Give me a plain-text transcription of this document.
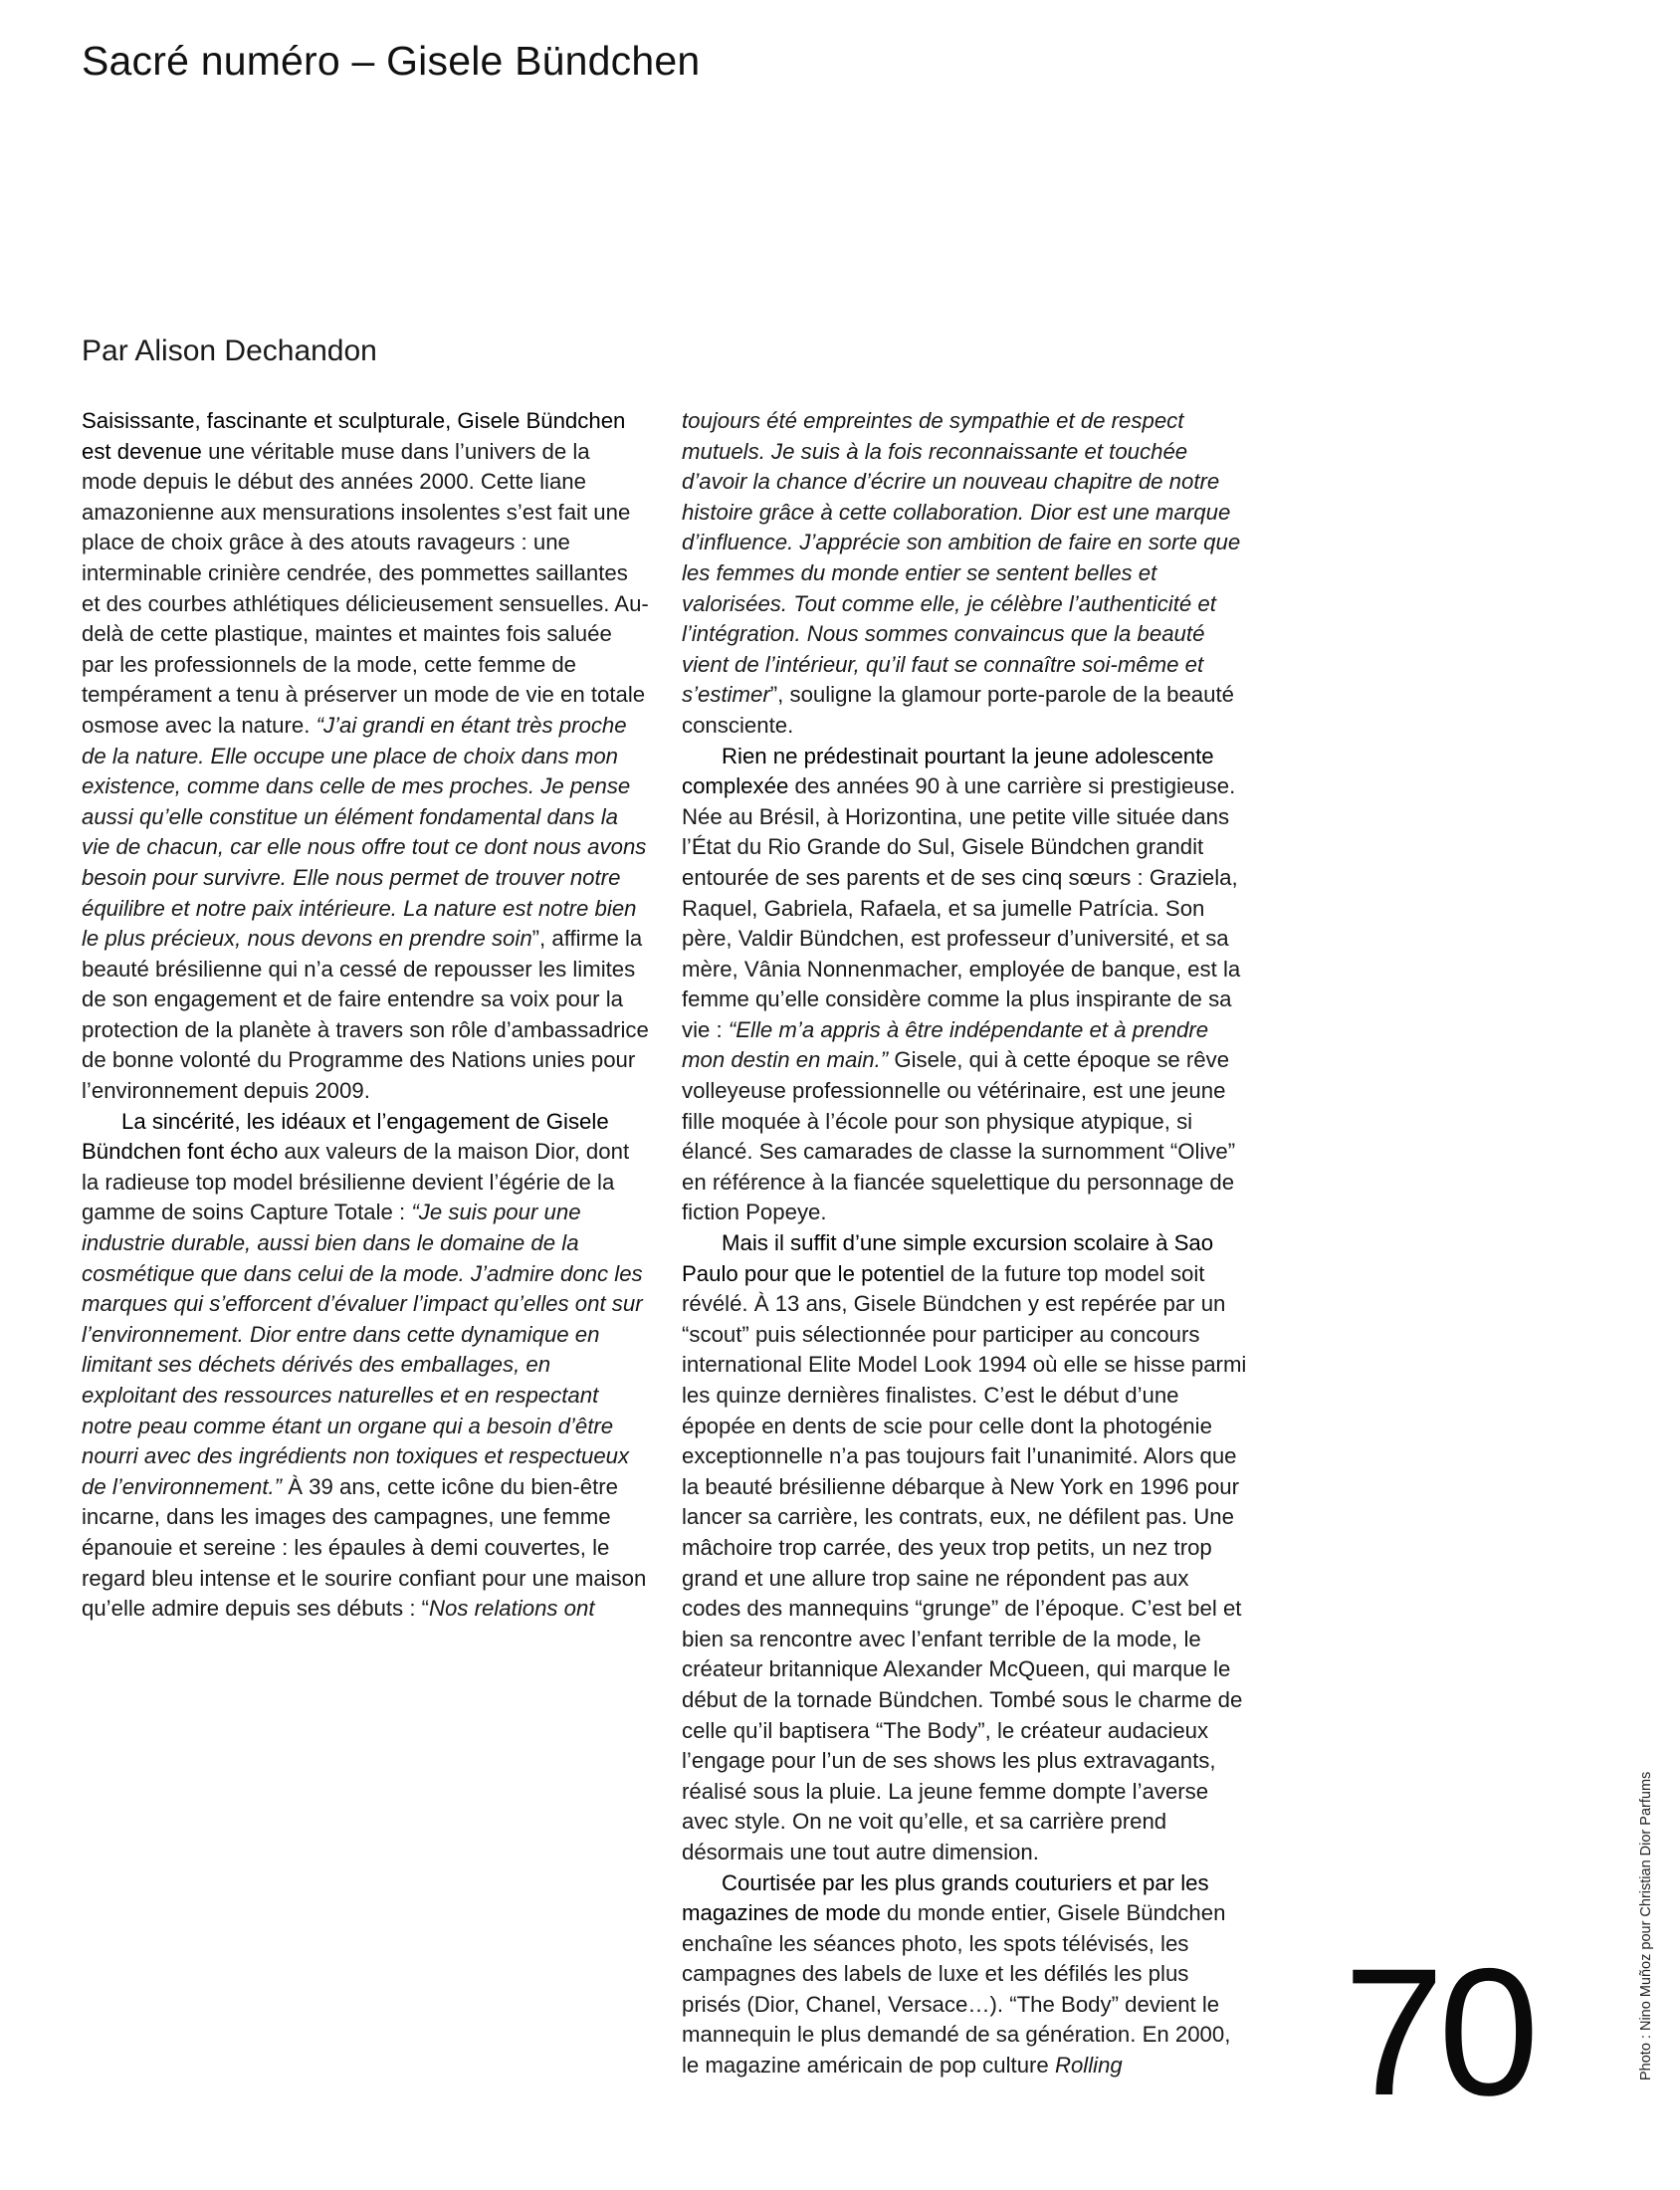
Sacré numéro – Gisele Bündchen
Par Alison Dechandon

Saisissante, fascinante et sculpturale, Gisele Bündchen est devenue une véritable muse dans l’univers de la mode depuis le début des années 2000. Cette liane amazonienne aux mensurations insolentes s’est fait une place de choix grâce à des atouts ravageurs : une interminable crinière cendrée, des pommettes saillantes et des courbes athlétiques délicieusement sensuelles. Au-delà de cette plastique, maintes et maintes fois saluée par les professionnels de la mode, cette femme de tempérament a tenu à préserver un mode de vie en totale osmose avec la nature. “J’ai grandi en étant très proche de la nature. Elle occupe une place de choix dans mon existence, comme dans celle de mes proches. Je pense aussi qu’elle constitue un élément fondamental dans la vie de chacun, car elle nous offre tout ce dont nous avons besoin pour survivre. Elle nous permet de trouver notre équilibre et notre paix intérieure. La nature est notre bien le plus précieux, nous devons en prendre soin”, affirme la beauté brésilienne qui n’a cessé de repousser les limites de son engagement et de faire entendre sa voix pour la protection de la planète à travers son rôle d’ambassadrice de bonne volonté du Programme des Nations unies pour l’environnement depuis 2009.

La sincérité, les idéaux et l’engagement de Gisele Bündchen font écho aux valeurs de la maison Dior, dont la radieuse top model brésilienne devient l’égérie de la gamme de soins Capture Totale : “Je suis pour une industrie durable, aussi bien dans le domaine de la cosmétique que dans celui de la mode. J’admire donc les marques qui s’efforcent d’évaluer l’impact qu’elles ont sur l’environnement. Dior entre dans cette dynamique en limitant ses déchets dérivés des emballages, en exploitant des ressources naturelles et en respectant notre peau comme étant un organe qui a besoin d’être nourri avec des ingrédients non toxiques et respectueux de l’environnement.” À 39 ans, cette icône du bien-être incarne, dans les images des campagnes, une femme épanouie et sereine : les épaules à demi couvertes, le regard bleu intense et le sourire confiant pour une maison qu’elle admire depuis ses débuts : “Nos relations ont

toujours été empreintes de sympathie et de respect mutuels. Je suis à la fois reconnaissante et touchée d’avoir la chance d’écrire un nouveau chapitre de notre histoire grâce à cette collaboration. Dior est une marque d’influence. J’apprécie son ambition de faire en sorte que les femmes du monde entier se sentent belles et valorisées. Tout comme elle, je célèbre l’authenticité et l’intégration. Nous sommes convaincus que la beauté vient de l’intérieur, qu’il faut se connaître soi-même et s’estimer”, souligne la glamour porte-parole de la beauté consciente.

Rien ne prédestinait pourtant la jeune adolescente complexée des années 90 à une carrière si prestigieuse. Née au Brésil, à Horizontina, une petite ville située dans l’État du Rio Grande do Sul, Gisele Bündchen grandit entourée de ses parents et de ses cinq sœurs : Graziela, Raquel, Gabriela, Rafaela, et sa jumelle Patrícia. Son père, Valdir Bündchen, est professeur d’université, et sa mère, Vânia Nonnenmacher, employée de banque, est la femme qu’elle considère comme la plus inspirante de sa vie : “Elle m’a appris à être indépendante et à prendre mon destin en main.” Gisele, qui à cette époque se rêve volleyeuse professionnelle ou vétérinaire, est une jeune fille moquée à l’école pour son physique atypique, si élancé. Ses camarades de classe la surnomment “Olive” en référence à la fiancée squelettique du personnage de fiction Popeye.

Mais il suffit d’une simple excursion scolaire à Sao Paulo pour que le potentiel de la future top model soit révélé. À 13 ans, Gisele Bündchen y est repérée par un “scout” puis sélectionnée pour participer au concours international Elite Model Look 1994 où elle se hisse parmi les quinze dernières finalistes. C’est le début d’une épopée en dents de scie pour celle dont la photogénie exceptionnelle n’a pas toujours fait l’unanimité. Alors que la beauté brésilienne débarque à New York en 1996 pour lancer sa carrière, les contrats, eux, ne défilent pas. Une mâchoire trop carrée, des yeux trop petits, un nez trop grand et une allure trop saine ne répondent pas aux codes des mannequins “grunge” de l’époque. C’est bel et bien sa rencontre avec l’enfant terrible de la mode, le créateur britannique Alexander McQueen, qui marque le début de la tornade Bündchen. Tombé sous le charme de celle qu’il baptisera “The Body”, le créateur audacieux l’engage pour l’un de ses shows les plus extravagants, réalisé sous la pluie. La jeune femme dompte l’averse avec style. On ne voit qu’elle, et sa carrière prend désormais une tout autre dimension.

Courtisée par les plus grands couturiers et par les magazines de mode du monde entier, Gisele Bündchen enchaîne les séances photo, les spots télévisés, les campagnes des labels de luxe et les défilés les plus prisés (Dior, Chanel, Versace…). “The Body” devient le mannequin le plus demandé de sa génération. En 2000, le magazine américain de pop culture Rolling	70	Photo : Nino Muñoz pour Christian Dior Parfums
